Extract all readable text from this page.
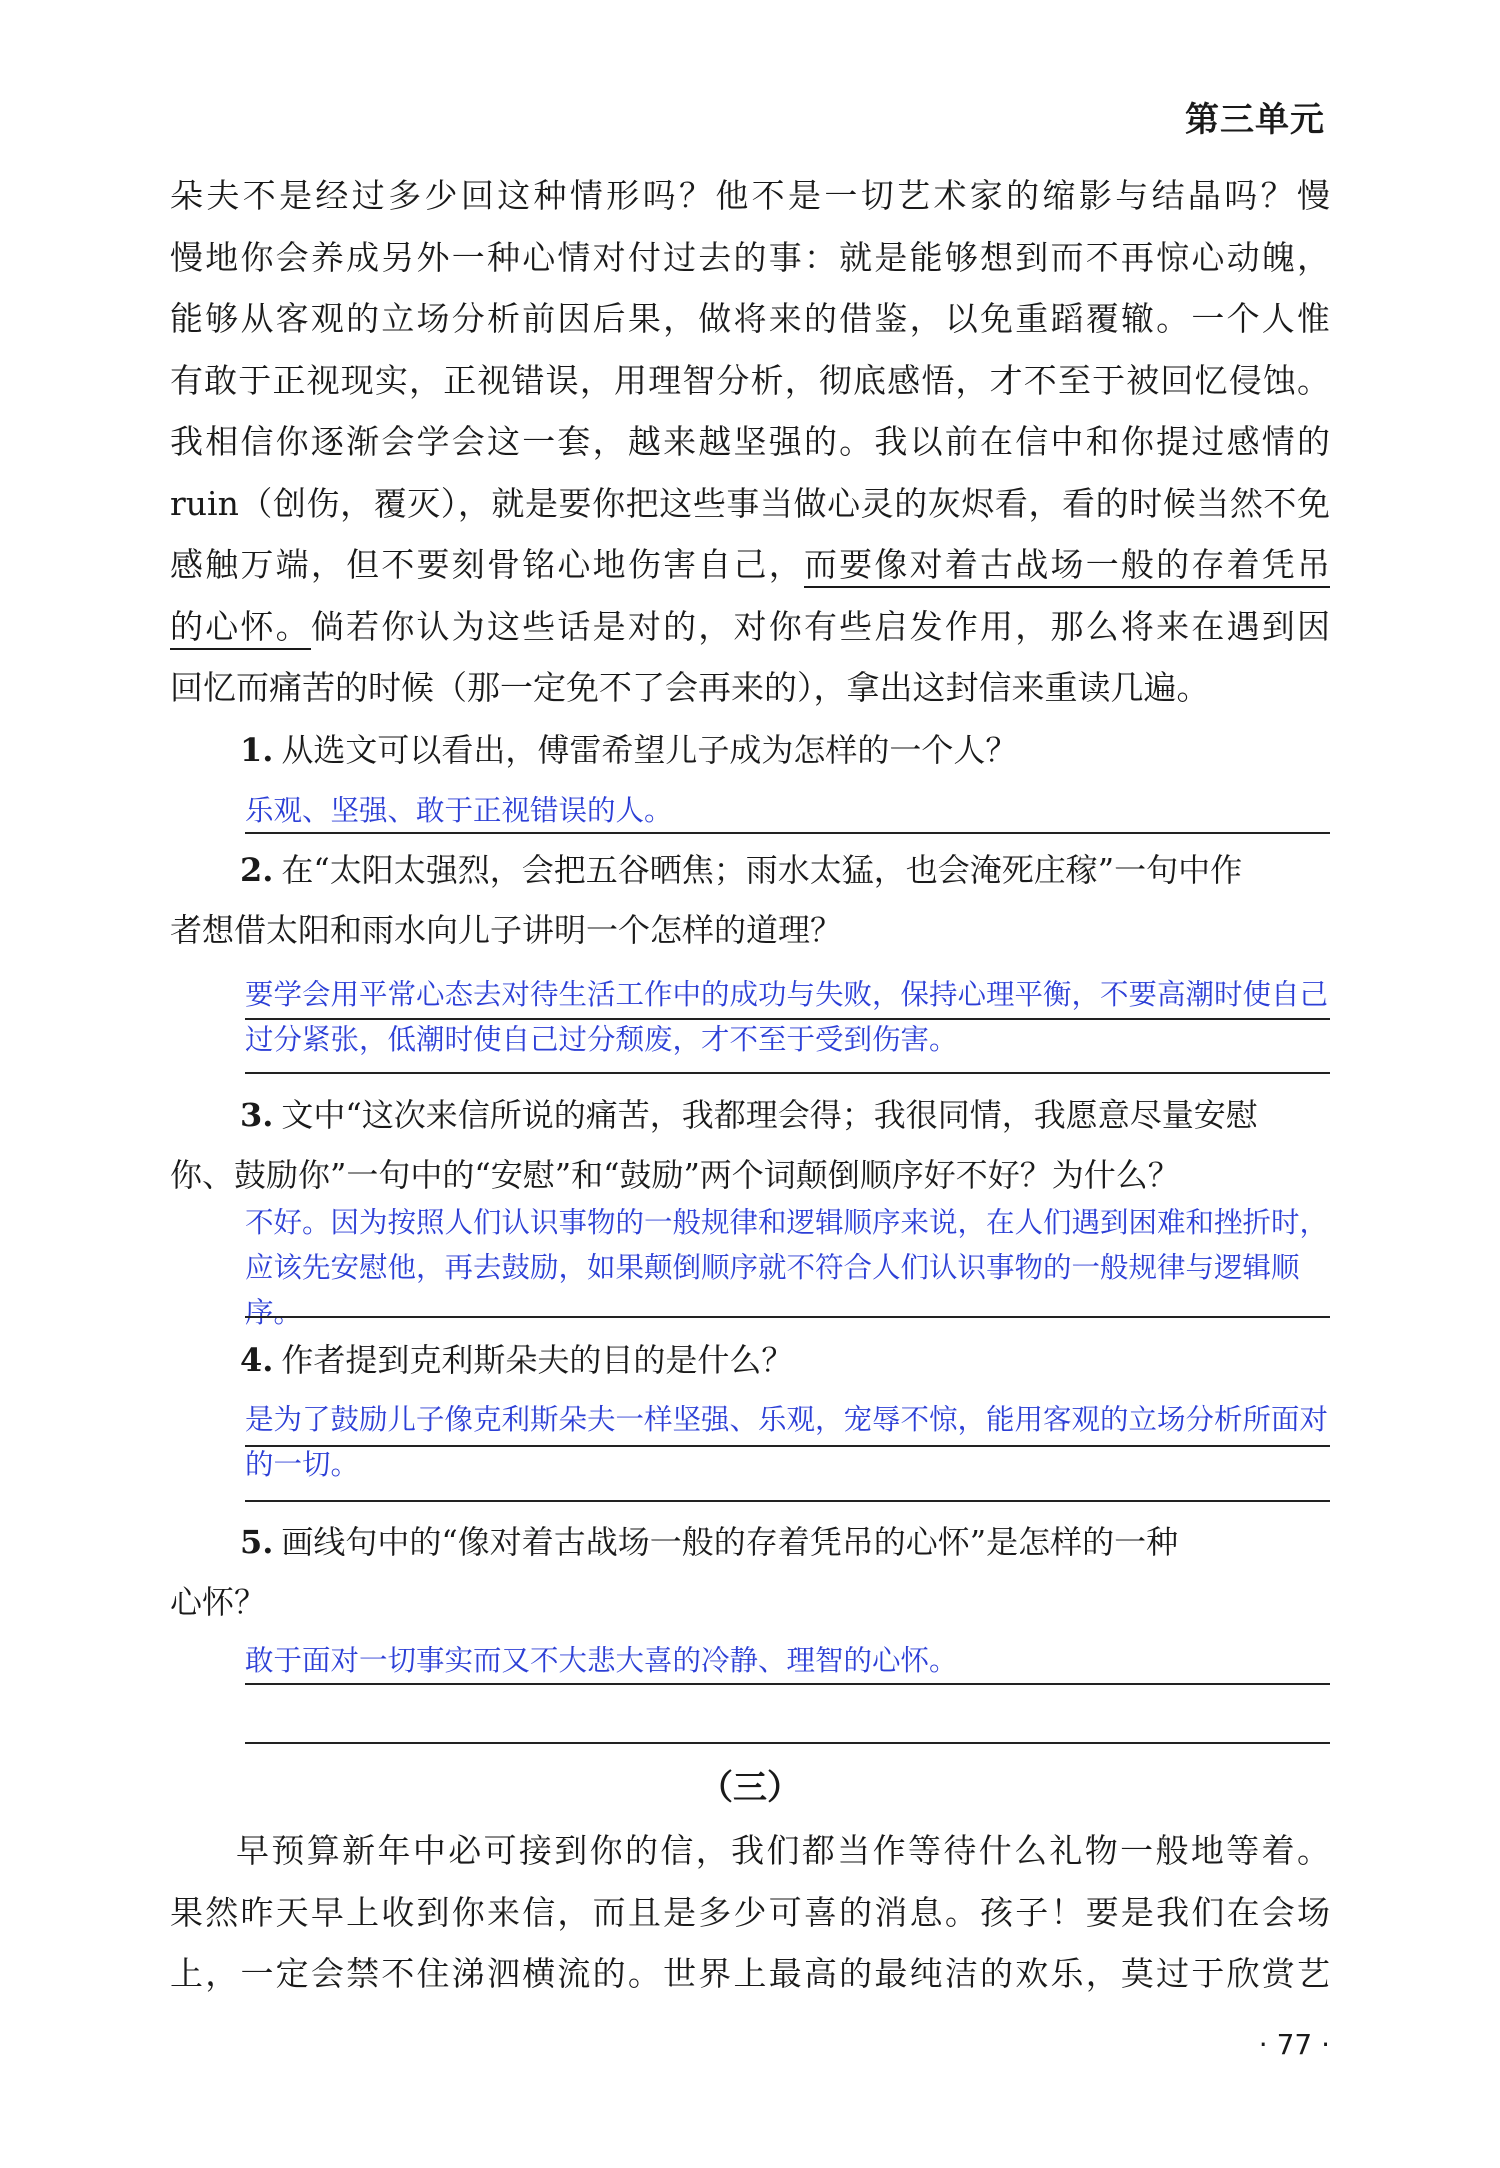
第三单元
朵夫不是经过多少回这种情形吗？他不是一切艺术家的缩影与结晶吗？慢
慢地你会养成另外一种心情对付过去的事：就是能够想到而不再惊心动魄，
能够从客观的立场分析前因后果，做将来的借鉴，以免重蹈覆辙。一个人惟
有敢于正视现实，正视错误，用理智分析，彻底感悟，才不至于被回忆侵蚀。
我相信你逐渐会学会这一套，越来越坚强的。我以前在信中和你提过感情的
ruin（创伤，覆灭），就是要你把这些事当做心灵的灰烬看，看的时候当然不免
感触万端，但不要刻骨铭心地伤害自己，而要像对着古战场一般的存着凭吊
的心怀。倘若你认为这些话是对的，对你有些启发作用，那么将来在遇到因
回忆而痛苦的时候（那一定免不了会再来的），拿出这封信来重读几遍。
1. 从选文可以看出，傅雷希望儿子成为怎样的一个人？
乐观、坚强、敢于正视错误的人。
2. 在“太阳太强烈，会把五谷晒焦；雨水太猛，也会淹死庄稼”一句中作
者想借太阳和雨水向儿子讲明一个怎样的道理？
要学会用平常心态去对待生活工作中的成功与失败，保持心理平衡，不要高潮时使自己过分紧张，低潮时使自己过分颓废，才不至于受到伤害。
3. 文中“这次来信所说的痛苦，我都理会得；我很同情，我愿意尽量安慰
你、鼓励你”一句中的“安慰”和“鼓励”两个词颠倒顺序好不好？为什么？
不好。因为按照人们认识事物的一般规律和逻辑顺序来说，在人们遇到困难和挫折时，应该先安慰他，再去鼓励，如果颠倒顺序就不符合人们认识事物的一般规律与逻辑顺序。
4. 作者提到克利斯朵夫的目的是什么？
是为了鼓励儿子像克利斯朵夫一样坚强、乐观，宠辱不惊，能用客观的立场分析所面对的一切。
5. 画线句中的“像对着古战场一般的存着凭吊的心怀”是怎样的一种
心怀？
敢于面对一切事实而又不大悲大喜的冷静、理智的心怀。
（三）
早预算新年中必可接到你的信，我们都当作等待什么礼物一般地等着。
果然昨天早上收到你来信，而且是多少可喜的消息。孩子！要是我们在会场
上，一定会禁不住涕泗横流的。世界上最高的最纯洁的欢乐，莫过于欣赏艺
· 77 ·
